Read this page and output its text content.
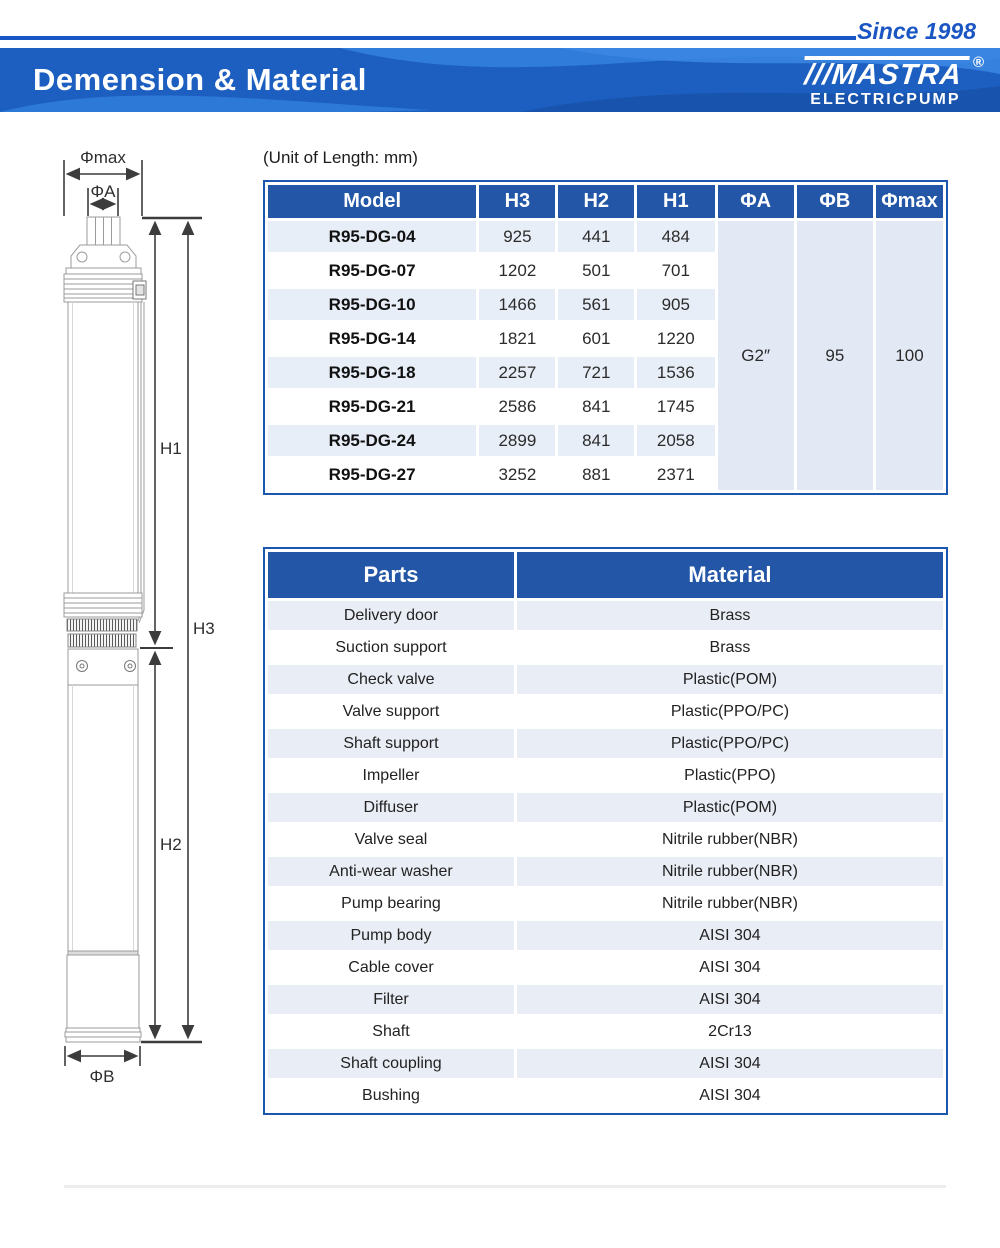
Since 1998
Demension & Material	///MASTRA ®
ELECTRICPUMP
(Unit of Length: mm)
Φmax
ΦA
H1
H3
H2
ΦB
Model	H3	H2	H1	ΦA	ΦB	Φmax
R95-DG-04	925	441	484	G2″	95	100
R95-DG-07	1202	501	701			
R95-DG-10	1466	561	905			
R95-DG-14	1821	601	1220			
R95-DG-18	2257	721	1536			
R95-DG-21	2586	841	1745			
R95-DG-24	2899	841	2058			
R95-DG-27	3252	881	2371			
Parts	Material
Delivery door	Brass
Suction support	Brass
Check valve	Plastic(POM)
Valve support	Plastic(PPO/PC)
Shaft support	Plastic(PPO/PC)
Impeller	Plastic(PPO)
Diffuser	Plastic(POM)
Valve seal	Nitrile rubber(NBR)
Anti-wear washer	Nitrile rubber(NBR)
Pump bearing	Nitrile rubber(NBR)
Pump body	AISI 304
Cable cover	AISI 304
Filter	AISI 304
Shaft	2Cr13
Shaft coupling	AISI 304
Bushing	AISI 304
